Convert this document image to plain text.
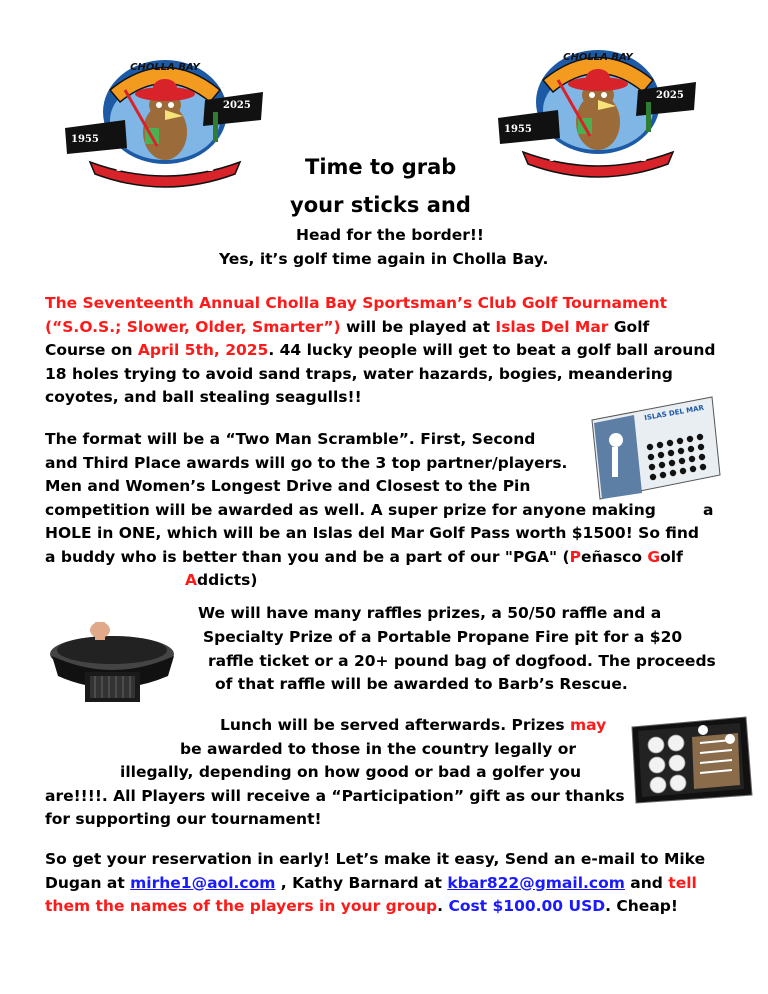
CHOLLA BAY
1955
2025
SPORTSMENS CLUB
CHOLLA BAY
1955
2025
SPORTSMENS CLUB
Time to grab
your sticks and
Head for the border!!
Yes, it’s golf time again in Cholla Bay.
The Seventeenth Annual Cholla Bay Sportsman’s Club Golf Tournament
(“S.O.S.; Slower, Older, Smarter”) will be played at Islas Del Mar Golf
Course on April 5th, 2025. 44 lucky people will get to beat a golf ball around
18 holes trying to avoid sand traps, water hazards, bogies, meandering
coyotes, and ball stealing seagulls!!
ISLAS DEL MAR
The format will be a “Two Man Scramble”. First, Second
and Third Place awards will go to the 3 top partner/players.
Men and Women’s Longest Drive and Closest to the Pin
competition will be awarded as well. A super prize for anyone making	a
HOLE in ONE, which will be an Islas del Mar Golf Pass worth $1500! So find
a buddy who is better than you and be a part of our "PGA" (Peñasco Golf
Addicts)
We will have many raffles prizes, a 50/50 raffle and a
Specialty Prize of a Portable Propane Fire pit for a $20
raffle ticket or a 20+ pound bag of dogfood. The proceeds
of that raffle will be awarded to Barb’s Rescue.
Lunch will be served afterwards. Prizes may
be awarded to those in the country legally or
illegally, depending on how good or bad a golfer you
are!!!!. All Players will receive a “Participation” gift as our thanks
for supporting our tournament!
So get your reservation in early! Let’s make it easy, Send an e-mail to Mike
Dugan at mirhe1@aol.com , Kathy Barnard at kbar822@gmail.com and tell
them the names of the players in your group. Cost $100.00 USD. Cheap!
